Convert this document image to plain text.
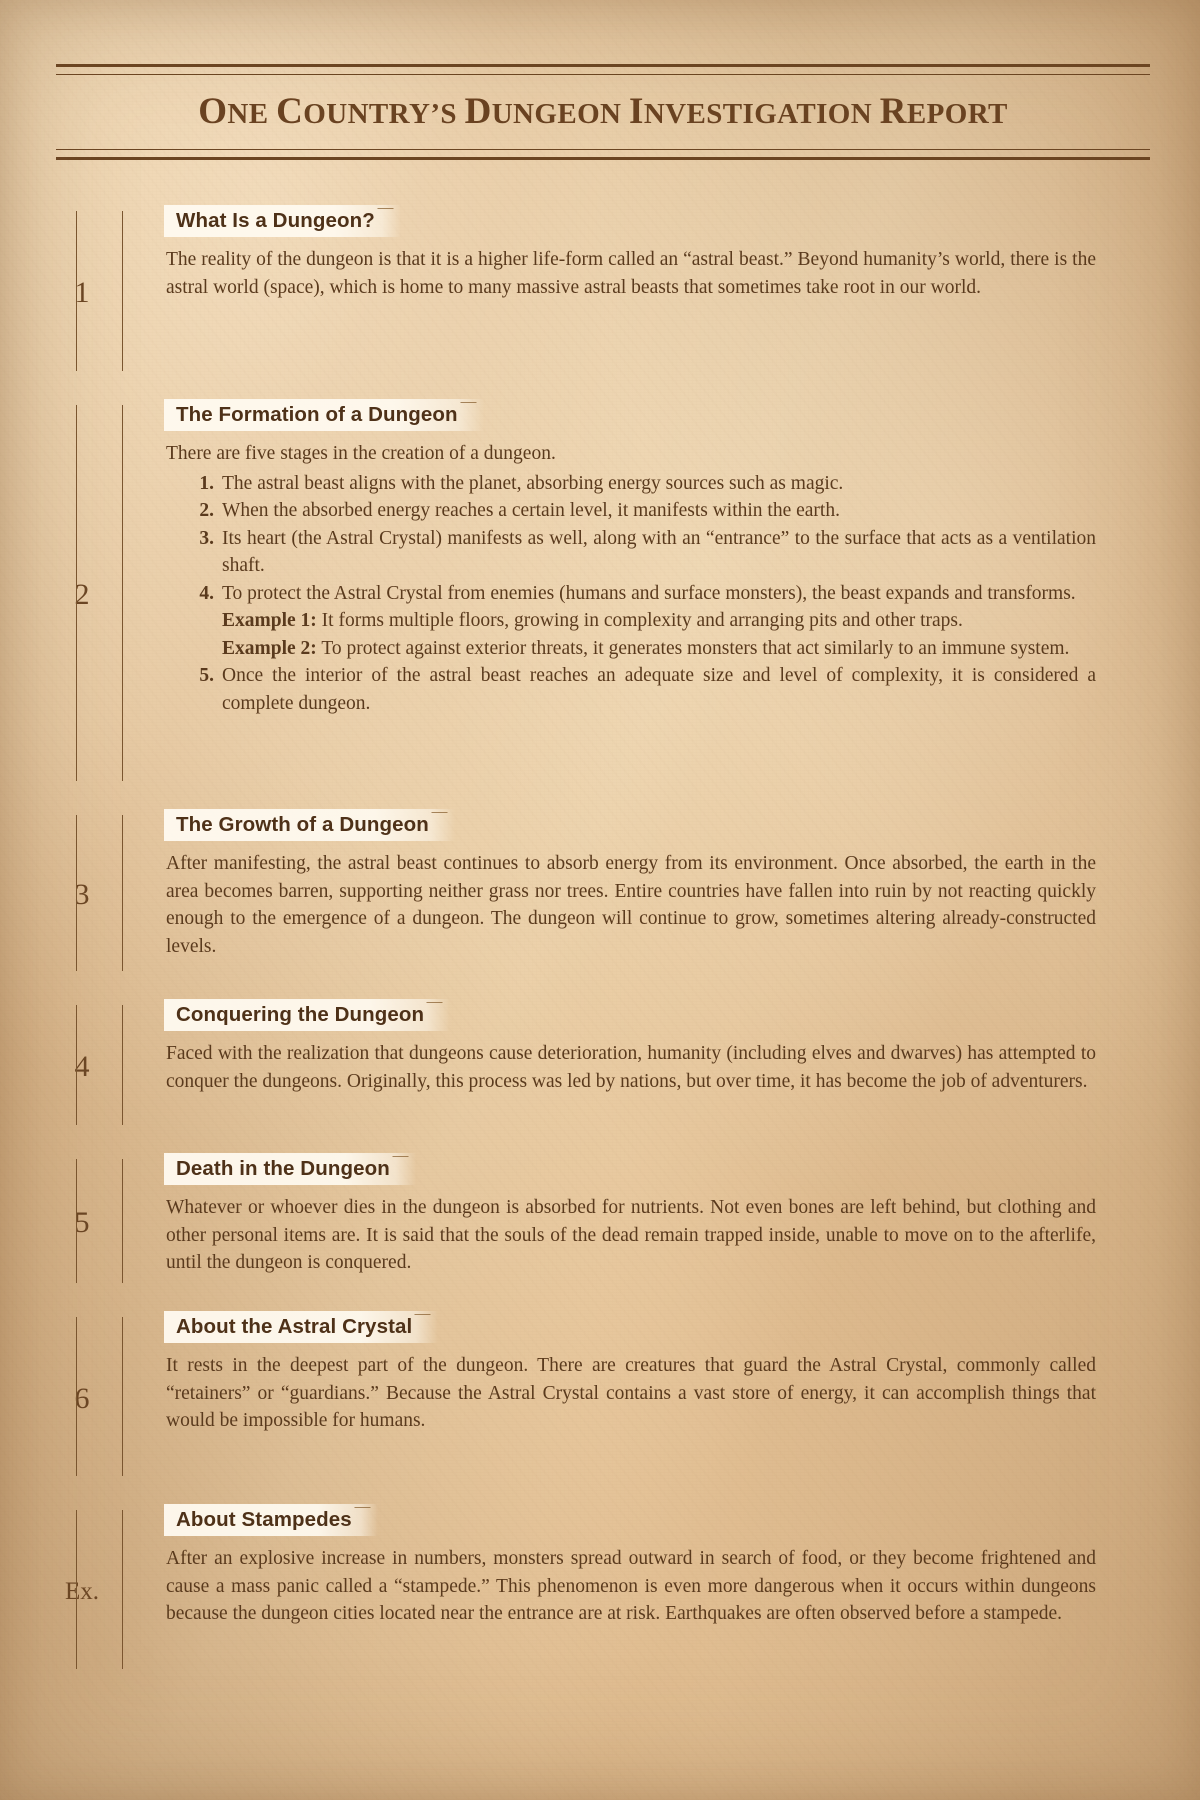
ONE COUNTRY’S DUNGEON INVESTIGATION REPORT
1
What Is a Dungeon?

The reality of the dungeon is that it is a higher life-form called an “astral beast.” Beyond humanity’s world, there is the astral world (space), which is home to many massive astral beasts that sometimes take root in our world.

2
The Formation of a Dungeon

There are five stages in the creation of a dungeon.

1. The astral beast aligns with the planet, absorbing energy sources such as magic.
2. When the absorbed energy reaches a certain level, it manifests within the earth.
3. Its heart (the Astral Crystal) manifests as well, along with an “entrance” to the surface that acts as a ventilation shaft.
4. To protect the Astral Crystal from enemies (humans and surface monsters), the beast expands and transforms.
Example 1: It forms multiple floors, growing in complexity and arranging pits and other traps.
Example 2: To protect against exterior threats, it generates monsters that act similarly to an immune system.
5. Once the interior of the astral beast reaches an adequate size and level of complexity, it is considered a complete dungeon.
3
The Growth of a Dungeon

After manifesting, the astral beast continues to absorb energy from its environment. Once absorbed, the earth in the area becomes barren, supporting neither grass nor trees. Entire countries have fallen into ruin by not reacting quickly enough to the emergence of a dungeon. The dungeon will continue to grow, sometimes altering already-constructed levels.

4
Conquering the Dungeon

Faced with the realization that dungeons cause deterioration, humanity (including elves and dwarves) has attempted to conquer the dungeons. Originally, this process was led by nations, but over time, it has become the job of adventurers.

5
Death in the Dungeon

Whatever or whoever dies in the dungeon is absorbed for nutrients. Not even bones are left behind, but clothing and other personal items are. It is said that the souls of the dead remain trapped inside, unable to move on to the afterlife, until the dungeon is conquered.

6
About the Astral Crystal

It rests in the deepest part of the dungeon. There are creatures that guard the Astral Crystal, commonly called “retainers” or “guardians.” Because the Astral Crystal contains a vast store of energy, it can accomplish things that would be impossible for humans.

Ex.
About Stampedes

After an explosive increase in numbers, monsters spread outward in search of food, or they become frightened and cause a mass panic called a “stampede.” This phenomenon is even more dangerous when it occurs within dungeons because the dungeon cities located near the entrance are at risk. Earthquakes are often observed before a stampede.
